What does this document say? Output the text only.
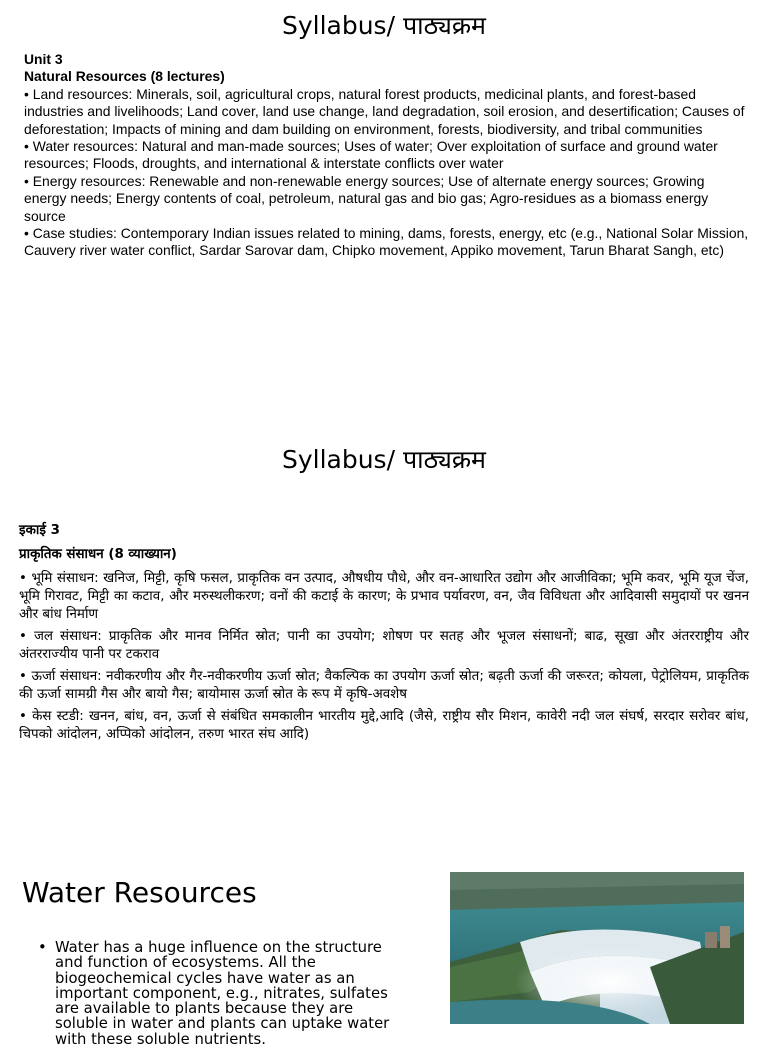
Syllabus/ पाठ्यक्रम

Unit 3

Natural Resources (8 lectures)

• Land resources: Minerals, soil, agricultural crops, natural forest products, medicinal plants, and forest-based industries and livelihoods; Land cover, land use change, land degradation, soil erosion, and desertification; Causes of deforestation; Impacts of mining and dam building on environment, forests, biodiversity, and tribal communities

• Water resources: Natural and man-made sources; Uses of water; Over exploitation of surface and ground water resources; Floods, droughts, and international & interstate conflicts over water

• Energy resources: Renewable and non-renewable energy sources; Use of alternate energy sources; Growing energy needs; Energy contents of coal, petroleum, natural gas and bio gas; Agro-residues as a biomass energy source

• Case studies: Contemporary Indian issues related to mining, dams, forests, energy, etc (e.g., National Solar Mission, Cauvery river water conflict, Sardar Sarovar dam, Chipko movement, Appiko movement, Tarun Bharat Sangh, etc)

Syllabus/ पाठ्यक्रम

इकाई 3

प्राकृतिक संसाधन (8 व्याख्यान)

• भूमि संसाधन: खनिज, मिट्टी, कृषि फसल, प्राकृतिक वन उत्पाद, औषधीय पौधे, और वन-आधारित उद्योग और आजीविका; भूमि कवर, भूमि यूज चेंज, भूमि गिरावट, मिट्टी का कटाव, और मरुस्थलीकरण; वनों की कटाई के कारण; के प्रभाव पर्यावरण, वन, जैव विविधता और आदिवासी समुदायों पर खनन और बांध निर्माण

• जल संसाधन: प्राकृतिक और मानव निर्मित स्रोत; पानी का उपयोग; शोषण पर सतह और भूजल संसाधनों; बाढ, सूखा और अंतरराष्ट्रीय और अंतरराज्यीय पानी पर टकराव

• ऊर्जा संसाधन: नवीकरणीय और गैर-नवीकरणीय ऊर्जा स्रोत; वैकल्पिक का उपयोग ऊर्जा स्रोत; बढ़ती ऊर्जा की जरूरत; कोयला, पेट्रोलियम, प्राकृतिक की ऊर्जा सामग्री गैस और बायो गैस; बायोमास ऊर्जा स्रोत के रूप में कृषि-अवशेष

• केस स्टडी: खनन, बांध, वन, ऊर्जा से संबंधित समकालीन भारतीय मुद्दे,आदि (जैसे, राष्ट्रीय सौर मिशन, कावेरी नदी जल संघर्ष, सरदार सरोवर बांध, चिपको आंदोलन, अप्पिको आंदोलन, तरुण भारत संघ आदि)

Water Resources
• Water has a huge influence on the structure and function of ecosystems. All the biogeochemical cycles have water as an important component, e.g., nitrates, sulfates are available to plants because they are soluble in water and plants can uptake water with these soluble nutrients.
